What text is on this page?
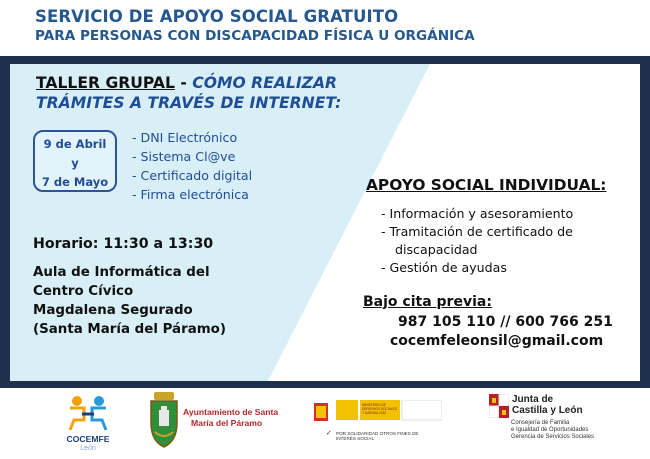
SERVICIO DE APOYO SOCIAL GRATUITO
PARA PERSONAS CON DISCAPACIDAD FÍSICA U ORGÁNICA
TALLER GRUPAL - CÓMO REALIZAR
TRÁMITES A TRAVÉS DE INTERNET:
9 de Abril
y
7 de Mayo
- DNI Electrónico
- Sistema Cl@ve
- Certificado digital
- Firma electrónica
Horario: 11:30 a 13:30
Aula de Informática del
Centro Cívico
Magdalena Segurado
(Santa María del Páramo)
APOYO SOCIAL INDIVIDUAL:
- Información y asesoramiento
- Tramitación de certificado de
discapacidad
- Gestión de ayudas
Bajo cita previa:
987 105 110 // 600 766 251
cocemfeleonsil@gmail.com
COCEMFE
León
Ayuntamiento de Santa
María del Páramo
MINISTERIO DE DERECHOS SOCIALES Y AGENDA 2030
POR SOLIDARIDAD OTROS FINES DE INTERÉS SOCIAL
✓
Junta de
Castilla y León
Consejería de Familia
e Igualdad de Oportunidades
Gerencia de Servicios Sociales
